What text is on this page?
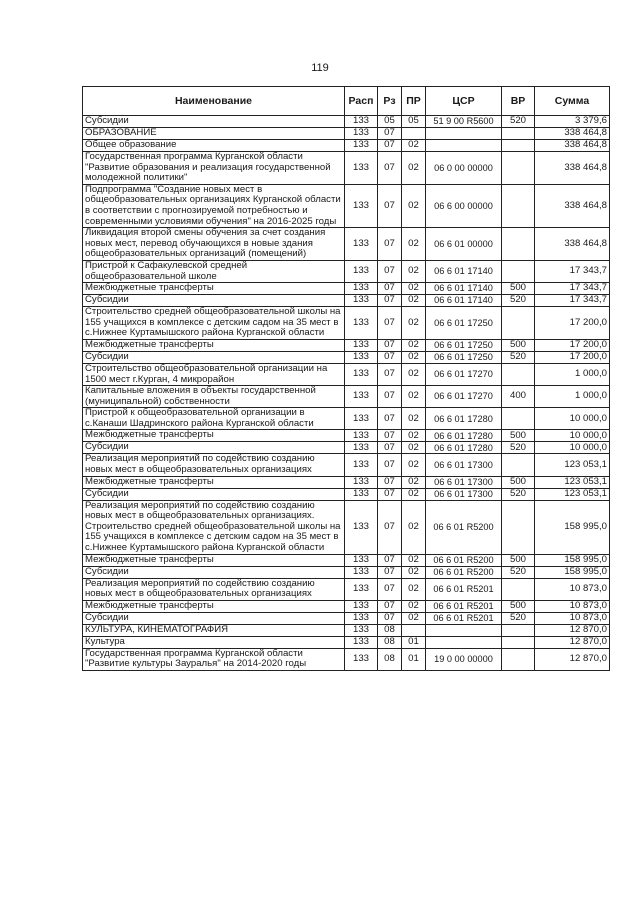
119
Наименование	Расп	Рз	ПР	ЦСР	ВР	Сумма
Субсидии	133	05	05	51 9 00 R5600	520	3 379,6
ОБРАЗОВАНИЕ	133	07				338 464,8
Общее образование	133	07	02			338 464,8
Государственная программа Курганской области "Развитие образования и реализация государственной молодежной политики"	133	07	02	06 0 00 00000		338 464,8
Подпрограмма "Создание новых мест в общеобразовательных организациях Курганской области в соответствии с прогнозируемой потребностью и современными условиями обучения" на 2016-2025 годы	133	07	02	06 6 00 00000		338 464,8
Ликвидация второй смены обучения за счет создания новых мест, перевод обучающихся в новые здания общеобразовательных организаций (помещений)	133	07	02	06 6 01 00000		338 464,8
Пристрой к Сафакулевской средней общеобразовательной школе	133	07	02	06 6 01 17140		17 343,7
Межбюджетные трансферты	133	07	02	06 6 01 17140	500	17 343,7
Субсидии	133	07	02	06 6 01 17140	520	17 343,7
Строительство средней общеобразовательной школы на 155 учащихся в комплексе с детским садом на 35 мест в с.Нижнее Куртамышского района Курганской области	133	07	02	06 6 01 17250		17 200,0
Межбюджетные трансферты	133	07	02	06 6 01 17250	500	17 200,0
Субсидии	133	07	02	06 6 01 17250	520	17 200,0
Строительство общеобразовательной организации на 1500 мест г.Курган, 4 микрорайон	133	07	02	06 6 01 17270		1 000,0
Капитальные вложения в объекты государственной (муниципальной) собственности	133	07	02	06 6 01 17270	400	1 000,0
Пристрой к общеобразовательной организации в с.Канаши Шадринского района Курганской области	133	07	02	06 6 01 17280		10 000,0
Межбюджетные трансферты	133	07	02	06 6 01 17280	500	10 000,0
Субсидии	133	07	02	06 6 01 17280	520	10 000,0
Реализация мероприятий по содействию созданию новых мест в общеобразовательных организациях	133	07	02	06 6 01 17300		123 053,1
Межбюджетные трансферты	133	07	02	06 6 01 17300	500	123 053,1
Субсидии	133	07	02	06 6 01 17300	520	123 053,1
Реализация мероприятий по содействию созданию новых мест в общеобразовательных организациях. Строительство средней общеобразовательной школы на 155 учащихся в комплексе с детским садом на 35 мест в с.Нижнее Куртамышского района Курганской области	133	07	02	06 6 01 R5200		158 995,0
Межбюджетные трансферты	133	07	02	06 6 01 R5200	500	158 995,0
Субсидии	133	07	02	06 6 01 R5200	520	158 995,0
Реализация мероприятий по содействию созданию новых мест в общеобразовательных организациях	133	07	02	06 6 01 R5201		10 873,0
Межбюджетные трансферты	133	07	02	06 6 01 R5201	500	10 873,0
Субсидии	133	07	02	06 6 01 R5201	520	10 873,0
КУЛЬТУРА, КИНЕМАТОГРАФИЯ	133	08				12 870,0
Культура	133	08	01			12 870,0
Государственная программа Курганской области "Развитие культуры Зауралья" на 2014-2020 годы	133	08	01	19 0 00 00000		12 870,0
